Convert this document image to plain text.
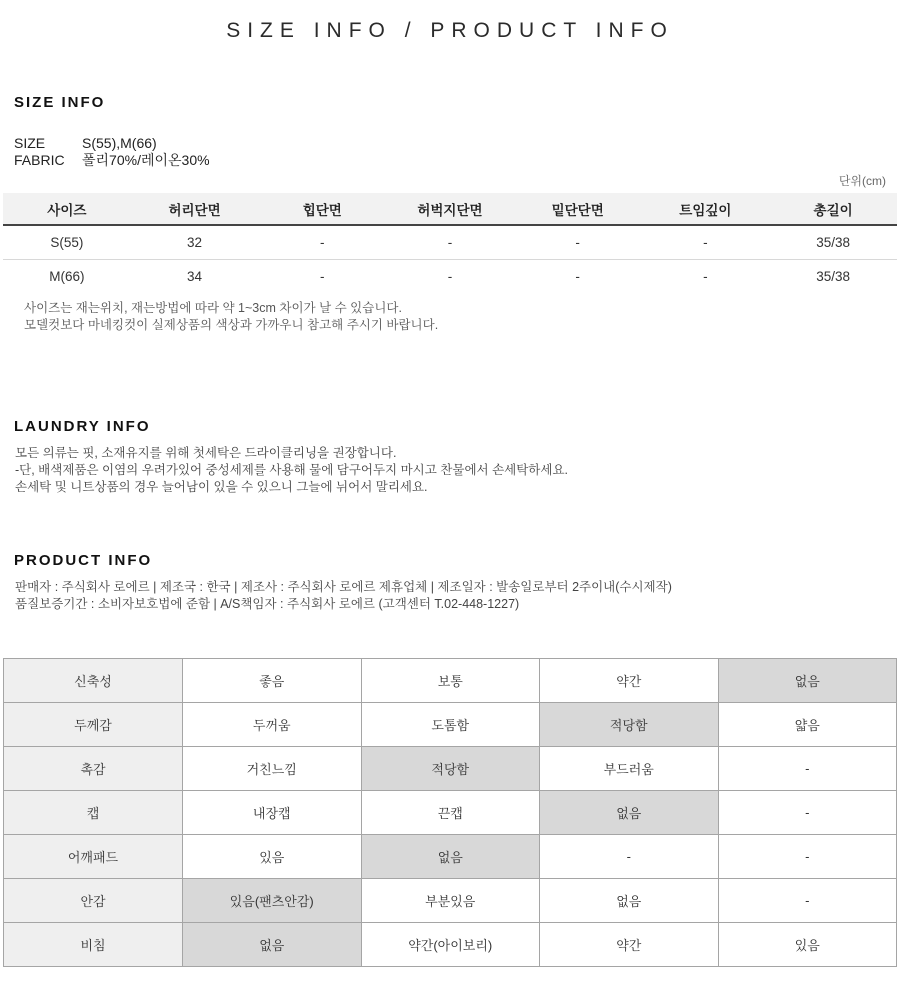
SIZE INFO / PRODUCT INFO
SIZE INFO
SIZE	S(55),M(66)
FABRIC	폴리70%/레이온30%
단위(cm)
사이즈	허리단면	힙단면	허벅지단면	밑단단면	트임깊이	총길이
S(55)	32	-	-	-	-	35/38
M(66)	34	-	-	-	-	35/38
사이즈는 재는위치, 재는방법에 따라 약 1~3cm 차이가 날 수 있습니다.
모델컷보다 마네킹컷이 실제상품의 색상과 가까우니 참고해 주시기 바랍니다.
LAUNDRY INFO
모든 의류는 핏, 소재유지를 위해 첫세탁은 드라이클리닝을 권장합니다.
-단, 배색제품은 이염의 우려가있어 중성세제를 사용해 물에 담구어두지 마시고 찬물에서 손세탁하세요.
손세탁 및 니트상품의 경우 늘어남이 있을 수 있으니 그늘에 뉘어서 말리세요.
PRODUCT INFO
판매자 : 주식회사 로에르 | 제조국 : 한국 | 제조사 : 주식회사 로에르 제휴업체 | 제조일자 : 발송일로부터 2주이내(수시제작)
품질보증기간 : 소비자보호법에 준함 | A/S책임자 : 주식회사 로에르 (고객센터 T.02-448-1227)
신축성	좋음	보통	약간	없음
두께감	두꺼움	도톰함	적당함	얇음
촉감	거친느낌	적당함	부드러움	-
캡	내장캡	끈캡	없음	-
어깨패드	있음	없음	-	-
안감	있음(팬츠안감)	부분있음	없음	-
비침	없음	약간(아이보리)	약간	있음
